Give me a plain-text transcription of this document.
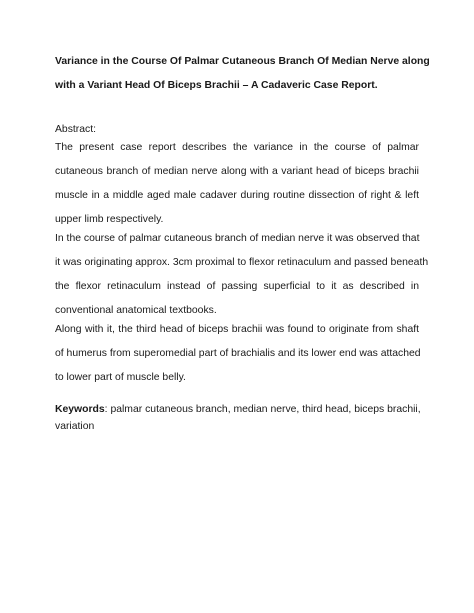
Variance in the Course Of Palmar Cutaneous Branch Of Median Nerve along
with a Variant Head Of Biceps Brachii – A Cadaveric Case Report.
Abstract:
The present case report describes the variance in the course of palmar
cutaneous branch of median nerve along with a variant head of biceps brachii
muscle in a middle aged male cadaver during routine dissection of right & left
upper limb respectively.
In the course of palmar cutaneous branch of median nerve it was observed that
it was originating approx. 3cm proximal to flexor retinaculum and passed beneath
the flexor retinaculum instead of passing superficial to it as described in
conventional anatomical textbooks.
Along with it, the third head of biceps brachii was found to originate from shaft
of humerus from superomedial part of brachialis and its lower end was attached
to lower part of muscle belly.
Keywords: palmar cutaneous branch, median nerve, third head, biceps brachii,
variation
